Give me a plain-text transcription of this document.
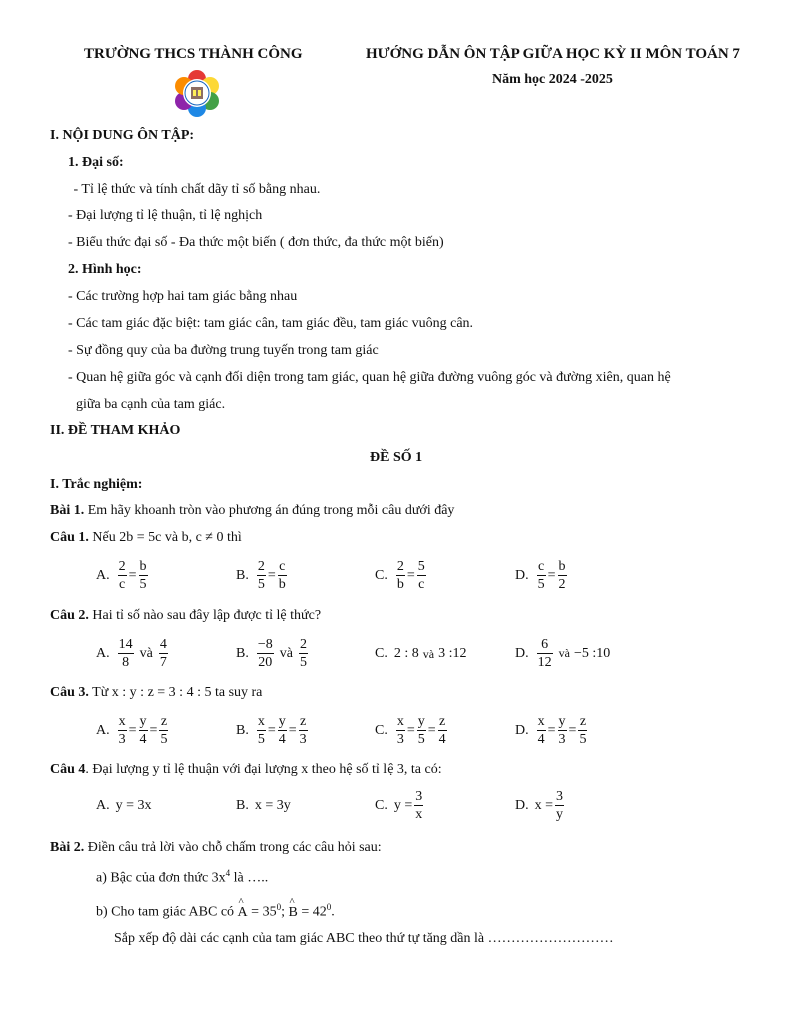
TRƯỜNG THCS THÀNH CÔNG	HƯỚNG DẪN ÔN TẬP GIỮA HỌC KỲ II MÔN TOÁN 7
Năm học 2024 -2025
I. NỘI DUNG ÔN TẬP:
1. Đại số:
- Tỉ lệ thức và tính chất dãy tỉ số bằng nhau.
- Đại lượng tỉ lệ thuận, tỉ lệ nghịch
- Biểu thức đại số - Đa thức một biến ( đơn thức, đa thức một biến)
2. Hình học:
- Các trường hợp hai tam giác bằng nhau
- Các tam giác đặc biệt: tam giác cân, tam giác đều, tam giác vuông cân.
- Sự đồng quy của ba đường trung tuyến trong tam giác
- Quan hệ giữa góc và cạnh đối diện trong tam giác, quan hệ giữa đường vuông góc và đường xiên, quan hệ
giữa ba cạnh của tam giác.
II. ĐỀ THAM KHẢO
ĐỀ SỐ 1
I. Trắc nghiệm:
Bài 1. Em hãy khoanh tròn vào phương án đúng trong mỗi câu dưới đây
Câu 1. Nếu 2b = 5c và b, c ≠ 0 thì
A. $\frac{2}{c} = \frac{b}{5}$	B. $\frac{2}{5} = \frac{c}{b}$	C. $\frac{2}{b} = \frac{5}{c}$	D. $\frac{c}{5} = \frac{b}{2}$
Câu 2. Hai tỉ số nào sau đây lập được tỉ lệ thức?
A. $\frac{14}{8}$ và $\frac{4}{7}$	B. $\frac{-8}{20}$ và $\frac{2}{5}$	C. 2 : 8 và 3 :12	D. $\frac{6}{12}$ và −5 :10
Câu 3. Từ x : y : z = 3 : 4 : 5 ta suy ra
A. $\frac{x}{3} = \frac{y}{4} = \frac{z}{5}$	B. $\frac{x}{5} = \frac{y}{4} = \frac{z}{3}$	C. $\frac{x}{3} = \frac{y}{5} = \frac{z}{4}$	D. $\frac{x}{4} = \frac{y}{3} = \frac{z}{5}$
Câu 4. Đại lượng y tỉ lệ thuận với đại lượng x theo hệ số tỉ lệ 3, ta có:
A. y = 3x	B. x = 3y	C. $y = \frac{3}{x}$	D. $x = \frac{3}{y}$
Bài 2. Điền câu trả lời vào chỗ chấm trong các câu hỏi sau:
a) Bậc của đơn thức $3x^4$ là …..
b) Cho tam giác ABC có ^ $A = 35^0$; ^ $B = 42^0$.
Sắp xếp độ dài các cạnh của tam giác ABC theo thứ tự tăng dần là ………………………
